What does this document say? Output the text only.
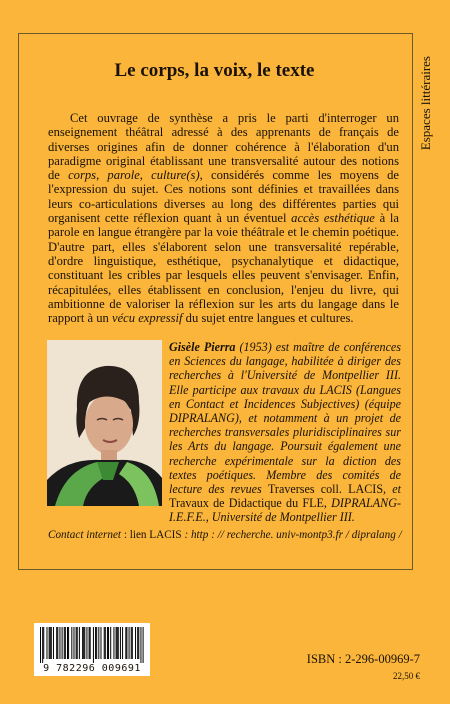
Espaces littéraires
Le corps, la voix, le texte

Cet ouvrage de synthèse a pris le parti d'interroger un enseignement théâtral adressé à des apprenants de français de diverses origines afin de donner cohérence à l'élaboration d'un paradigme original établissant une transversalité autour des notions de corps, parole, culture(s), considérés comme les moyens de l'expression du sujet. Ces notions sont définies et travaillées dans leurs co-articulations diverses au long des différentes parties qui organisent cette réflexion quant à un éventuel accès esthétique à la parole en langue étrangère par la voie théâtrale et le chemin poétique. D'autre part, elles s'élaborent selon une transversalité repérable, d'ordre linguistique, esthétique, psychanalytique et didactique, constituant les cribles par lesquels elles peuvent s'envisager. Enfin, récapitulées, elles établissent en conclusion, l'enjeu du livre, qui ambitionne de valoriser la réflexion sur les arts du langage dans le rapport à un vécu expressif du sujet entre langues et cultures.

Gisèle Pierra (1953) est maître de conférences en Sciences du langage, habilitée à diriger des recherches à l'Université de Montpellier III. Elle participe aux travaux du LACIS (Langues en Contact et Incidences Subjectives) (équipe DIPRALANG), et notamment à un projet de recherches transversales pluridisciplinaires sur les Arts du langage. Poursuit également une recherche expérimentale sur la diction des textes poétiques. Membre des comités de lecture des revues Traverses coll. LACIS, et Travaux de Didactique du FLE, DIPRALANG-I.E.F.E., Université de Montpellier III.

Contact internet : lien LACIS : http : // recherche. univ-montp3.fr / dipralang /
9 782296 009691
ISBN : 2-296-00969-7
22,50 €
